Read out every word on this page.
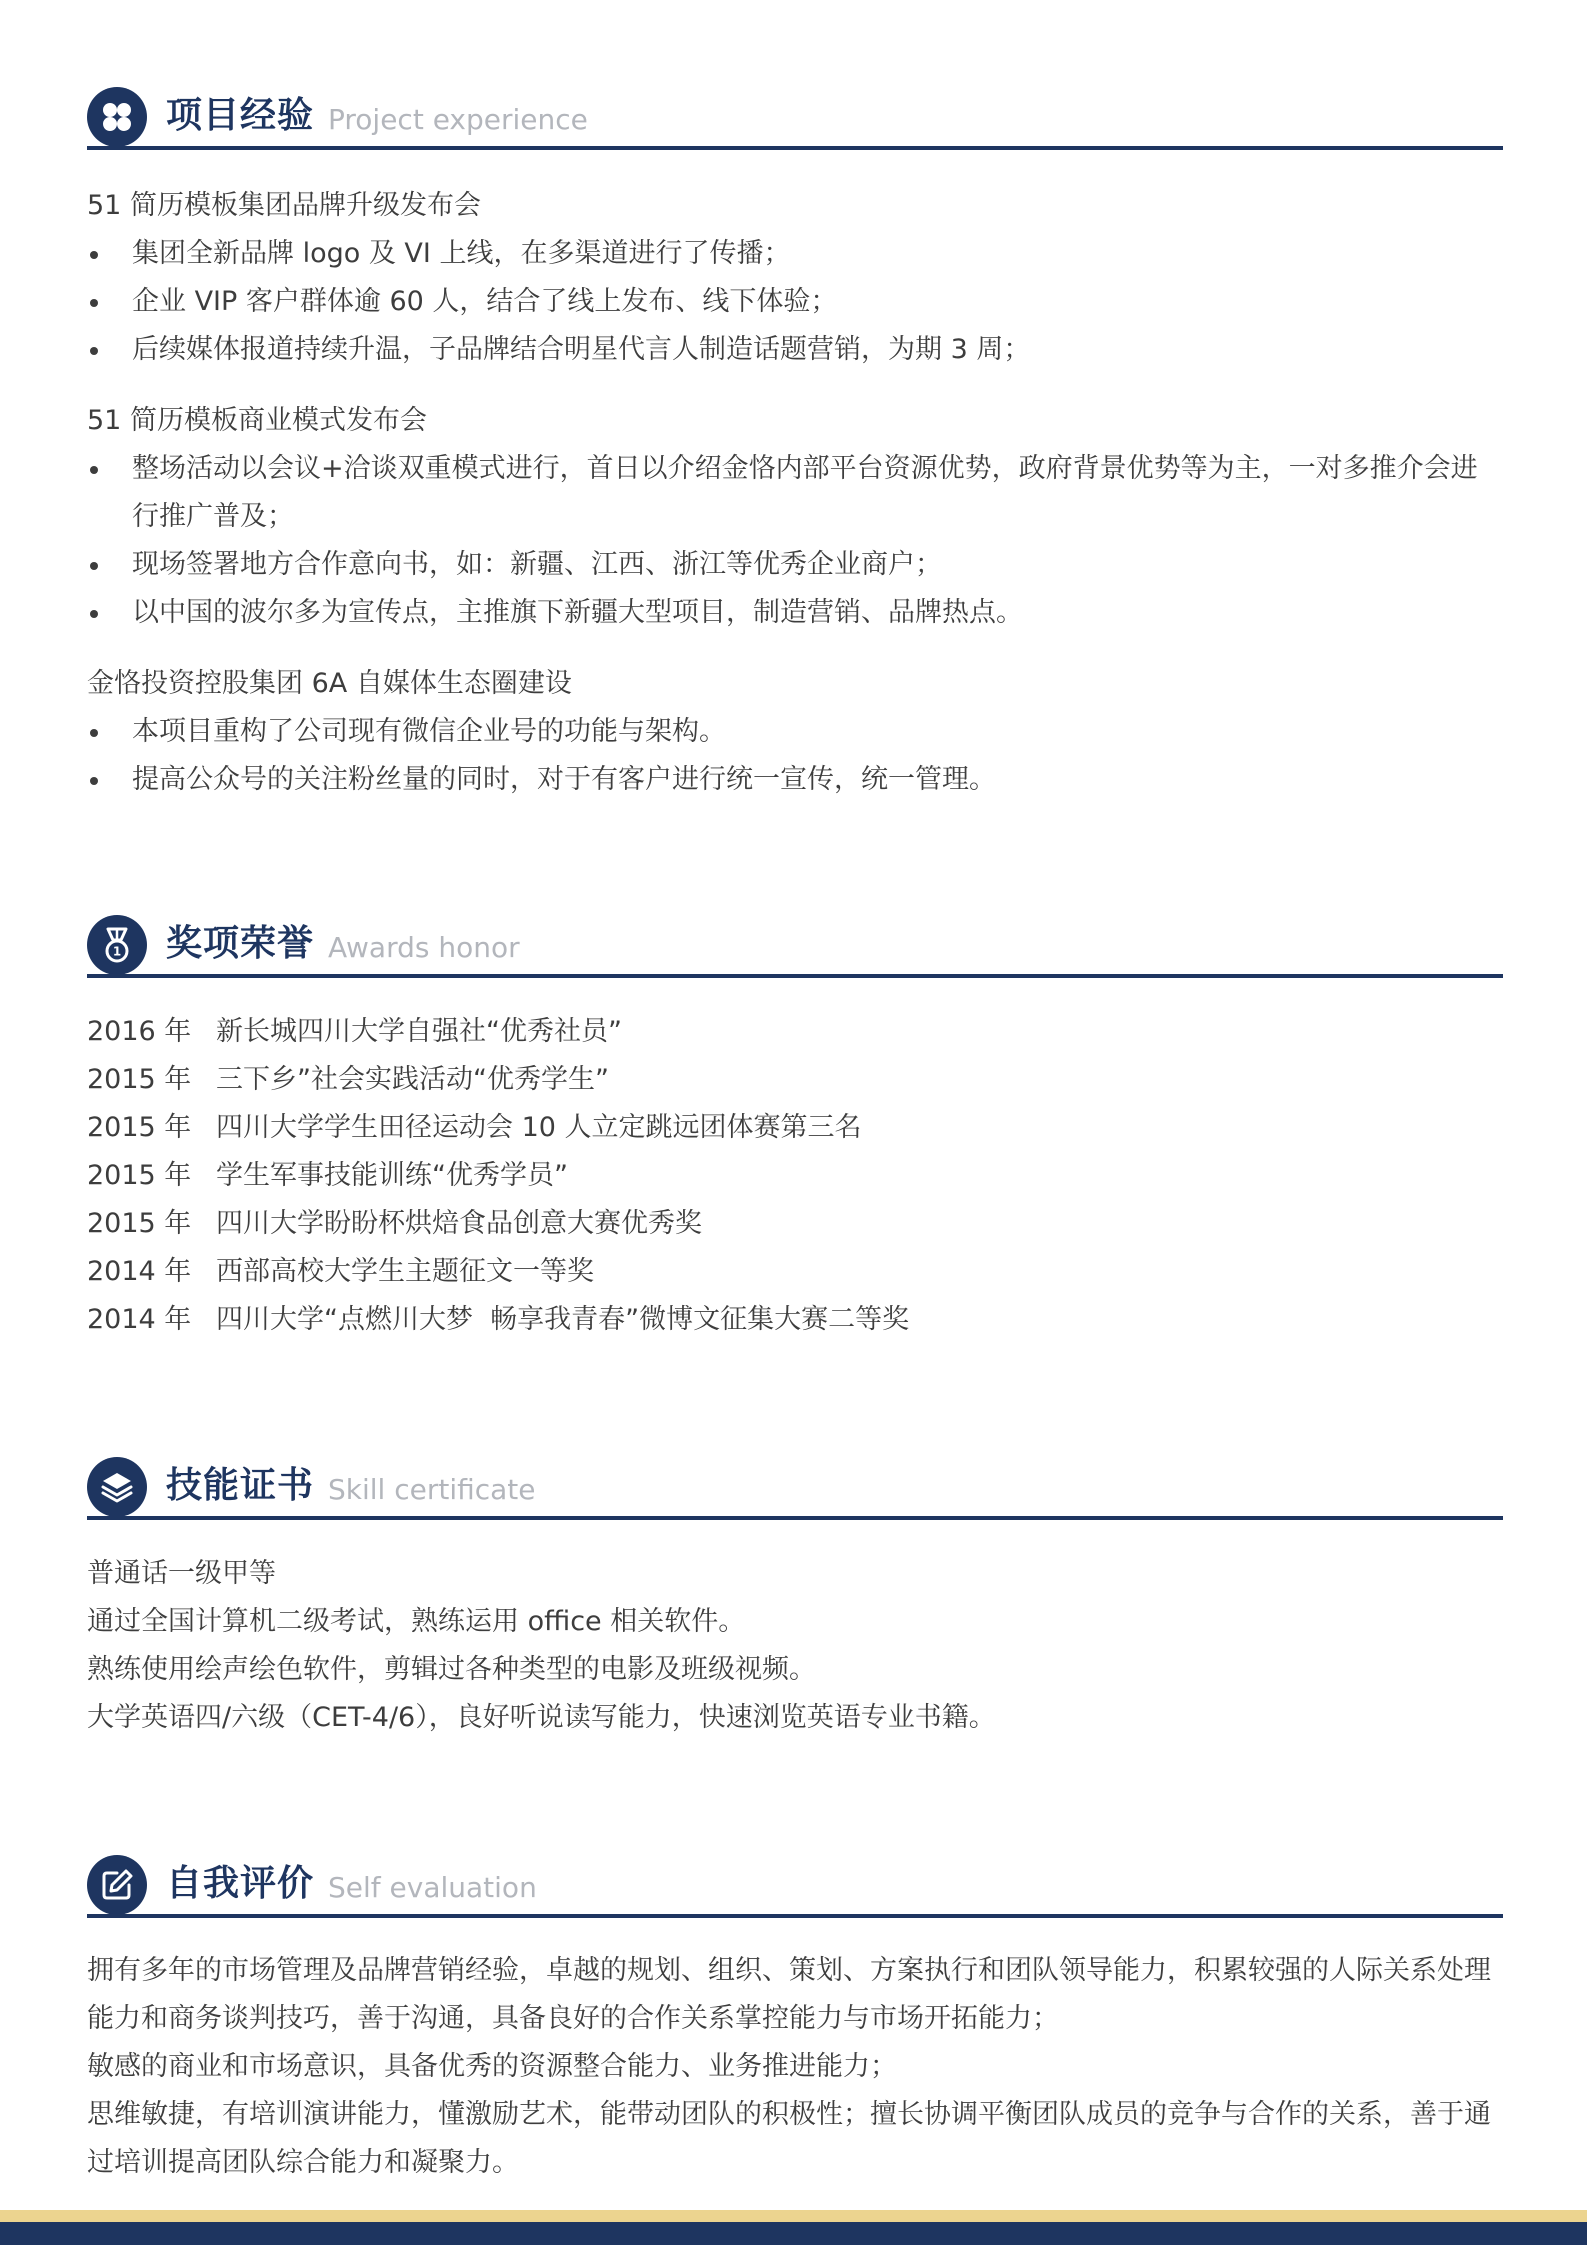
项目经验 Project experience

51 简历模板集团品牌升级发布会

集团全新品牌 logo 及 VI 上线，在多渠道进行了传播；
企业 VIP 客户群体逾 60 人，结合了线上发布、线下体验；
后续媒体报道持续升温，子品牌结合明星代言人制造话题营销，为期 3 周；

51 简历模板商业模式发布会

整场活动以会议+洽谈双重模式进行，首日以介绍金恪内部平台资源优势，政府背景优势等为主，一对多推介会进行推广普及；
现场签署地方合作意向书，如：新疆、江西、浙江等优秀企业商户；
以中国的波尔多为宣传点，主推旗下新疆大型项目，制造营销、品牌热点。

金恪投资控股集团 6A 自媒体生态圈建设

本项目重构了公司现有微信企业号的功能与架构。
提高公众号的关注粉丝量的同时，对于有客户进行统一宣传，统一管理。
1 奖项荣誉 Awards honor
2016 年 新长城四川大学自强社“优秀社员”
2015 年 三下乡”社会实践活动“优秀学生”
2015 年 四川大学学生田径运动会 10 人立定跳远团体赛第三名
2015 年 学生军事技能训练“优秀学员”
2015 年 四川大学盼盼杯烘焙食品创意大赛优秀奖
2014 年 西部高校大学生主题征文一等奖
2014 年 四川大学“点燃川大梦  畅享我青春”微博文征集大赛二等奖
技能证书 Skill certificate

普通话一级甲等

通过全国计算机二级考试，熟练运用 office 相关软件。

熟练使用绘声绘色软件，剪辑过各种类型的电影及班级视频。

大学英语四/六级（CET-4/6），良好听说读写能力，快速浏览英语专业书籍。

自我评价 Self evaluation

拥有多年的市场管理及品牌营销经验，卓越的规划、组织、策划、方案执行和团队领导能力，积累较强的人际关系处理能力和商务谈判技巧，善于沟通，具备良好的合作关系掌控能力与市场开拓能力；

敏感的商业和市场意识，具备优秀的资源整合能力、业务推进能力；

思维敏捷，有培训演讲能力，懂激励艺术，能带动团队的积极性；擅长协调平衡团队成员的竞争与合作的关系，善于通过培训提高团队综合能力和凝聚力。
